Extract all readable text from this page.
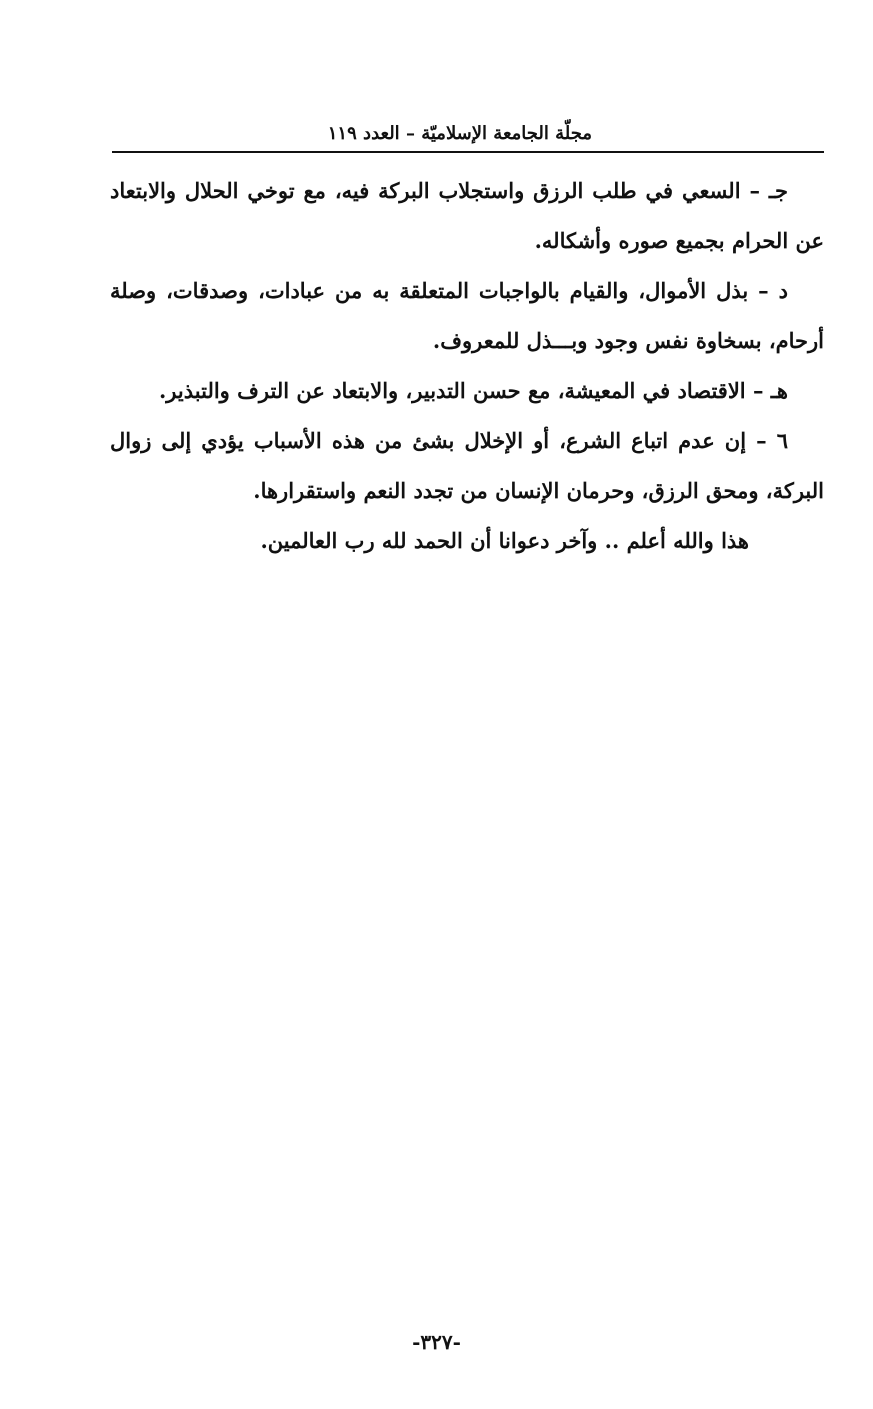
مجلّة الجامعة الإسلاميّة – العدد ١١٩

جـ – السعي في طلب الرزق واستجلاب البركة فيه، مع توخي الحلال والابتعاد عن الحرام بجميع صوره وأشكاله.

د – بذل الأموال، والقيام بالواجبات المتعلقة به من عبادات، وصدقات، وصلة أرحام، بسخاوة نفس وجود وبـــذل للمعروف.

هـ – الاقتصاد في المعيشة، مع حسن التدبير، والابتعاد عن الترف والتبذير.

٦ – إن عدم اتباع الشرع، أو الإخلال بشئ من هذه الأسباب يؤدي إلى زوال البركة، ومحق الرزق، وحرمان الإنسان من تجدد النعم واستقرارها.

هذا والله أعلم .. وآخر دعوانا أن الحمد لله رب العالمين.

-٣٢٧-
